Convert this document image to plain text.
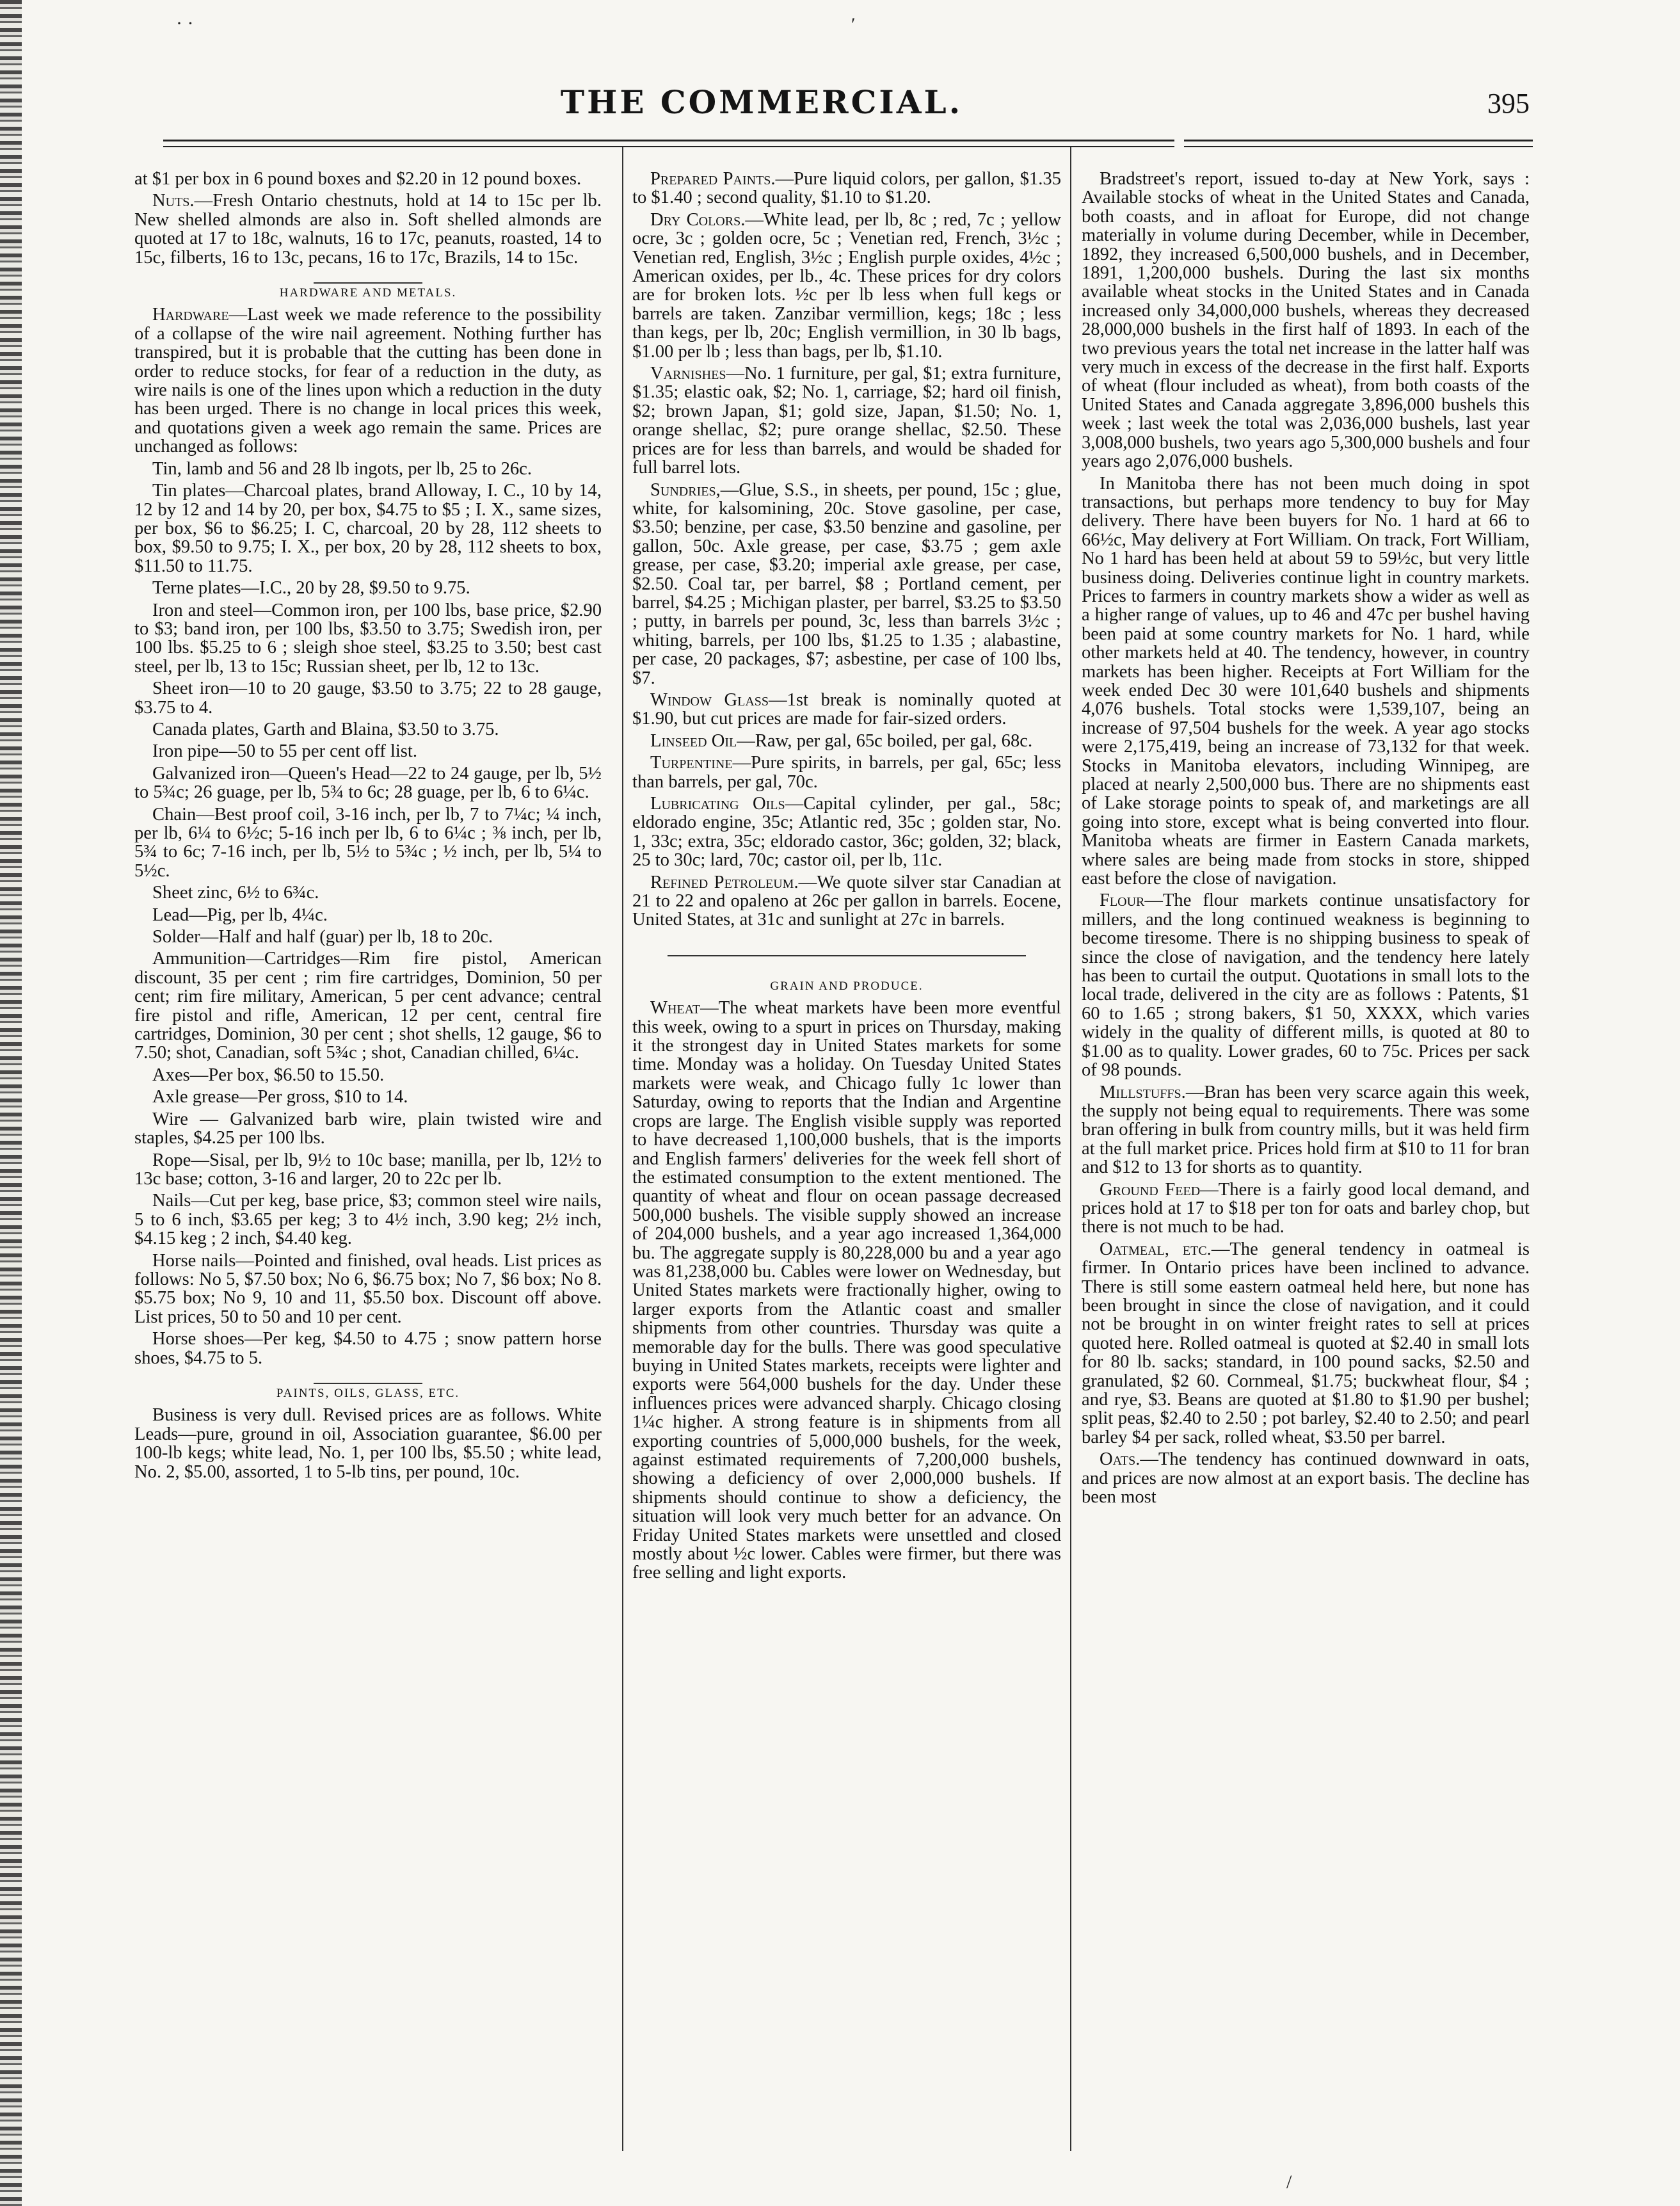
· ·	′
/
THE COMMERCIAL.	395

at $1 per box in 6 pound boxes and $2.20 in 12 pound boxes.

Nuts.—Fresh Ontario chestnuts, hold at 14 to 15c per lb. New shelled almonds are also in. Soft shelled almonds are quoted at 17 to 18c, walnuts, 16 to 17c, peanuts, roasted, 14 to 15c, filberts, 16 to 13c, pecans, 16 to 17c, Brazils, 14 to 15c.

HARDWARE AND METALS.

Hardware—Last week we made reference to the possibility of a collapse of the wire nail agreement. Nothing further has transpired, but it is probable that the cutting has been done in order to reduce stocks, for fear of a reduction in the duty, as wire nails is one of the lines upon which a reduction in the duty has been urged. There is no change in local prices this week, and quotations given a week ago remain the same. Prices are unchanged as follows:

Tin, lamb and 56 and 28 lb ingots, per lb, 25 to 26c.

Tin plates—Charcoal plates, brand Alloway, I. C., 10 by 14, 12 by 12 and 14 by 20, per box, $4.75 to $5 ; I. X., same sizes, per box, $6 to $6.25; I. C, charcoal, 20 by 28, 112 sheets to box, $9.50 to 9.75; I. X., per box, 20 by 28, 112 sheets to box, $11.50 to 11.75.

Terne plates—I.C., 20 by 28, $9.50 to 9.75.

Iron and steel—Common iron, per 100 lbs, base price, $2.90 to $3; band iron, per 100 lbs, $3.50 to 3.75; Swedish iron, per 100 lbs. $5.25 to 6 ; sleigh shoe steel, $3.25 to 3.50; best cast steel, per lb, 13 to 15c; Russian sheet, per lb, 12 to 13c.

Sheet iron—10 to 20 gauge, $3.50 to 3.75; 22 to 28 gauge, $3.75 to 4.

Canada plates, Garth and Blaina, $3.50 to 3.75.

Iron pipe—50 to 55 per cent off list.

Galvanized iron—Queen's Head—22 to 24 gauge, per lb, 5½ to 5¾c; 26 guage, per lb, 5¾ to 6c; 28 guage, per lb, 6 to 6¼c.

Chain—Best proof coil, 3-16 inch, per lb, 7 to 7¼c; ¼ inch, per lb, 6¼ to 6½c; 5-16 inch per lb, 6 to 6¼c ; ⅜ inch, per lb, 5¾ to 6c; 7-16 inch, per lb, 5½ to 5¾c ; ½ inch, per lb, 5¼ to 5½c.

Sheet zinc, 6½ to 6¾c.

Lead—Pig, per lb, 4¼c.

Solder—Half and half (guar) per lb, 18 to 20c.

Ammunition—Cartridges—Rim fire pistol, American discount, 35 per cent ; rim fire cartridges, Dominion, 50 per cent; rim fire military, American, 5 per cent advance; central fire pistol and rifle, American, 12 per cent, central fire cartridges, Dominion, 30 per cent ; shot shells, 12 gauge, $6 to 7.50; shot, Canadian, soft 5¾c ; shot, Canadian chilled, 6¼c.

Axes—Per box, $6.50 to 15.50.

Axle grease—Per gross, $10 to 14.

Wire — Galvanized barb wire, plain twisted wire and staples, $4.25 per 100 lbs.

Rope—Sisal, per lb, 9½ to 10c base; manilla, per lb, 12½ to 13c base; cotton, 3-16 and larger, 20 to 22c per lb.

Nails—Cut per keg, base price, $3; common steel wire nails, 5 to 6 inch, $3.65 per keg; 3 to 4½ inch, 3.90 keg; 2½ inch, $4.15 keg ; 2 inch, $4.40 keg.

Horse nails—Pointed and finished, oval heads. List prices as follows: No 5, $7.50 box; No 6, $6.75 box; No 7, $6 box; No 8. $5.75 box; No 9, 10 and 11, $5.50 box. Discount off above. List prices, 50 to 50 and 10 per cent.

Horse shoes—Per keg, $4.50 to 4.75 ; snow pattern horse shoes, $4.75 to 5.

PAINTS, OILS, GLASS, ETC.

Business is very dull. Revised prices are as follows. White Leads—pure, ground in oil, Association guarantee, $6.00 per 100-lb kegs; white lead, No. 1, per 100 lbs, $5.50 ; white lead, No. 2, $5.00, assorted, 1 to 5-lb tins, per pound, 10c.

Prepared Paints.—Pure liquid colors, per gallon, $1.35 to $1.40 ; second quality, $1.10 to $1.20.

Dry Colors.—White lead, per lb, 8c ; red, 7c ; yellow ocre, 3c ; golden ocre, 5c ; Venetian red, French, 3½c ; Venetian red, English, 3½c ; English purple oxides, 4½c ; American oxides, per lb., 4c. These prices for dry colors are for broken lots. ½c per lb less when full kegs or barrels are taken. Zanzibar vermillion, kegs; 18c ; less than kegs, per lb, 20c; English vermillion, in 30 lb bags, $1.00 per lb ; less than bags, per lb, $1.10.

Varnishes—No. 1 furniture, per gal, $1; extra furniture, $1.35; elastic oak, $2; No. 1, carriage, $2; hard oil finish, $2; brown Japan, $1; gold size, Japan, $1.50; No. 1, orange shellac, $2; pure orange shellac, $2.50. These prices are for less than barrels, and would be shaded for full barrel lots.

Sundries,—Glue, S.S., in sheets, per pound, 15c ; glue, white, for kalsomining, 20c. Stove gasoline, per case, $3.50; benzine, per case, $3.50 benzine and gasoline, per gallon, 50c. Axle grease, per case, $3.75 ; gem axle grease, per case, $3.20; imperial axle grease, per case, $2.50. Coal tar, per barrel, $8 ; Portland cement, per barrel, $4.25 ; Michigan plaster, per barrel, $3.25 to $3.50 ; putty, in barrels per pound, 3c, less than barrels 3½c ; whiting, barrels, per 100 lbs, $1.25 to 1.35 ; alabastine, per case, 20 packages, $7; asbestine, per case of 100 lbs, $7.

Window Glass—1st break is nominally quoted at $1.90, but cut prices are made for fair-sized orders.

Linseed Oil—Raw, per gal, 65c boiled, per gal, 68c.

Turpentine—Pure spirits, in barrels, per gal, 65c; less than barrels, per gal, 70c.

Lubricating Oils—Capital cylinder, per gal., 58c; eldorado engine, 35c; Atlantic red, 35c ; golden star, No. 1, 33c; extra, 35c; eldorado castor, 36c; golden, 32; black, 25 to 30c; lard, 70c; castor oil, per lb, 11c.

Refined Petroleum.—We quote silver star Canadian at 21 to 22 and opaleno at 26c per gallon in barrels. Eocene, United States, at 31c and sunlight at 27c in barrels.

GRAIN AND PRODUCE.

Wheat—The wheat markets have been more eventful this week, owing to a spurt in prices on Thursday, making it the strongest day in United States markets for some time. Monday was a holiday. On Tuesday United States markets were weak, and Chicago fully 1c lower than Saturday, owing to reports that the Indian and Argentine crops are large. The English visible supply was reported to have decreased 1,100,000 bushels, that is the imports and English farmers' deliveries for the week fell short of the estimated consumption to the extent mentioned. The quantity of wheat and flour on ocean passage decreased 500,000 bushels. The visible supply showed an increase of 204,000 bushels, and a year ago increased 1,364,000 bu. The aggregate supply is 80,228,000 bu and a year ago was 81,238,000 bu. Cables were lower on Wednesday, but United States markets were fractionally higher, owing to larger exports from the Atlantic coast and smaller shipments from other countries. Thursday was quite a memorable day for the bulls. There was good speculative buying in United States markets, receipts were lighter and exports were 564,000 bushels for the day. Under these influences prices were advanced sharply. Chicago closing 1¼c higher. A strong feature is in shipments from all exporting countries of 5,000,000 bushels, for the week, against estimated requirements of 7,200,000 bushels, showing a deficiency of over 2,000,000 bushels. If shipments should continue to show a deficiency, the situation will look very much better for an advance. On Friday United States markets were unsettled and closed mostly about ½c lower. Cables were firmer, but there was free selling and light exports.

Bradstreet's report, issued to-day at New York, says : Available stocks of wheat in the United States and Canada, both coasts, and in afloat for Europe, did not change materially in volume during December, while in December, 1892, they increased 6,500,000 bushels, and in December, 1891, 1,200,000 bushels. During the last six months available wheat stocks in the United States and in Canada increased only 34,000,000 bushels, whereas they decreased 28,000,000 bushels in the first half of 1893. In each of the two previous years the total net increase in the latter half was very much in excess of the decrease in the first half. Exports of wheat (flour included as wheat), from both coasts of the United States and Canada aggregate 3,896,000 bushels this week ; last week the total was 2,036,000 bushels, last year 3,008,000 bushels, two years ago 5,300,000 bushels and four years ago 2,076,000 bushels.

In Manitoba there has not been much doing in spot transactions, but perhaps more tendency to buy for May delivery. There have been buyers for No. 1 hard at 66 to 66½c, May delivery at Fort William. On track, Fort William, No 1 hard has been held at about 59 to 59½c, but very little business doing. Deliveries continue light in country markets. Prices to farmers in country markets show a wider as well as a higher range of values, up to 46 and 47c per bushel having been paid at some country markets for No. 1 hard, while other markets held at 40. The tendency, however, in country markets has been higher. Receipts at Fort William for the week ended Dec 30 were 101,640 bushels and shipments 4,076 bushels. Total stocks were 1,539,107, being an increase of 97,504 bushels for the week. A year ago stocks were 2,175,419, being an increase of 73,132 for that week. Stocks in Manitoba elevators, including Winnipeg, are placed at nearly 2,500,000 bus. There are no shipments east of Lake storage points to speak of, and marketings are all going into store, except what is being converted into flour. Manitoba wheats are firmer in Eastern Canada markets, where sales are being made from stocks in store, shipped east before the close of navigation.

Flour—The flour markets continue unsatisfactory for millers, and the long continued weakness is beginning to become tiresome. There is no shipping business to speak of since the close of navigation, and the tendency here lately has been to curtail the output. Quotations in small lots to the local trade, delivered in the city are as follows : Patents, $1 60 to 1.65 ; strong bakers, $1 50, XXXX, which varies widely in the quality of different mills, is quoted at 80 to $1.00 as to quality. Lower grades, 60 to 75c. Prices per sack of 98 pounds.

Millstuffs.—Bran has been very scarce again this week, the supply not being equal to requirements. There was some bran offering in bulk from country mills, but it was held firm at the full market price. Prices hold firm at $10 to 11 for bran and $12 to 13 for shorts as to quantity.

Ground Feed—There is a fairly good local demand, and prices hold at 17 to $18 per ton for oats and barley chop, but there is not much to be had.

Oatmeal, etc.—The general tendency in oatmeal is firmer. In Ontario prices have been inclined to advance. There is still some eastern oatmeal held here, but none has been brought in since the close of navigation, and it could not be brought in on winter freight rates to sell at prices quoted here. Rolled oatmeal is quoted at $2.40 in small lots for 80 lb. sacks; standard, in 100 pound sacks, $2.50 and granulated, $2 60. Cornmeal, $1.75; buckwheat flour, $4 ; and rye, $3. Beans are quoted at $1.80 to $1.90 per bushel; split peas, $2.40 to 2.50 ; pot barley, $2.40 to 2.50; and pearl barley $4 per sack, rolled wheat, $3.50 per barrel.

Oats.—The tendency has continued downward in oats, and prices are now almost at an export basis. The decline has been most
